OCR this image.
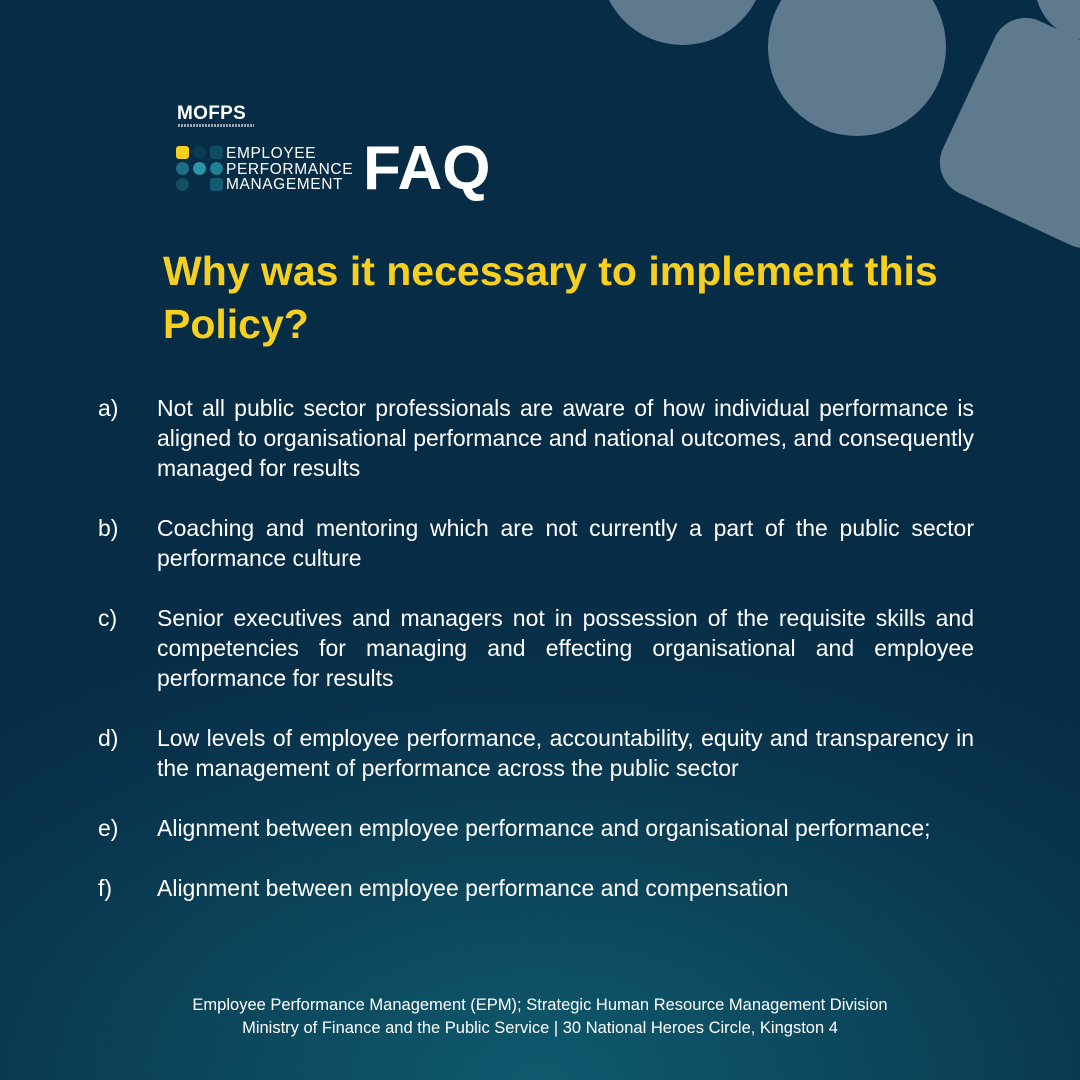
MOFPS
EMPLOYEE
PERFORMANCE
MANAGEMENT FAQ
Why was it necessary to implement this Policy?
a) Not all public sector professionals are aware of how individual performance is aligned to organisational performance and national outcomes, and consequently managed for results
b) Coaching and mentoring which are not currently a part of the public sector performance culture
c) Senior executives and managers not in possession of the requisite skills and competencies for managing and effecting organisational and employee performance for results
d) Low levels of employee performance, accountability, equity and transparency in the management of performance across the public sector
e) Alignment between employee performance and organisational performance;
f) Alignment between employee performance and compensation
Employee Performance Management (EPM); Strategic Human Resource Management Division
Ministry of Finance and the Public Service | 30 National Heroes Circle, Kingston 4
